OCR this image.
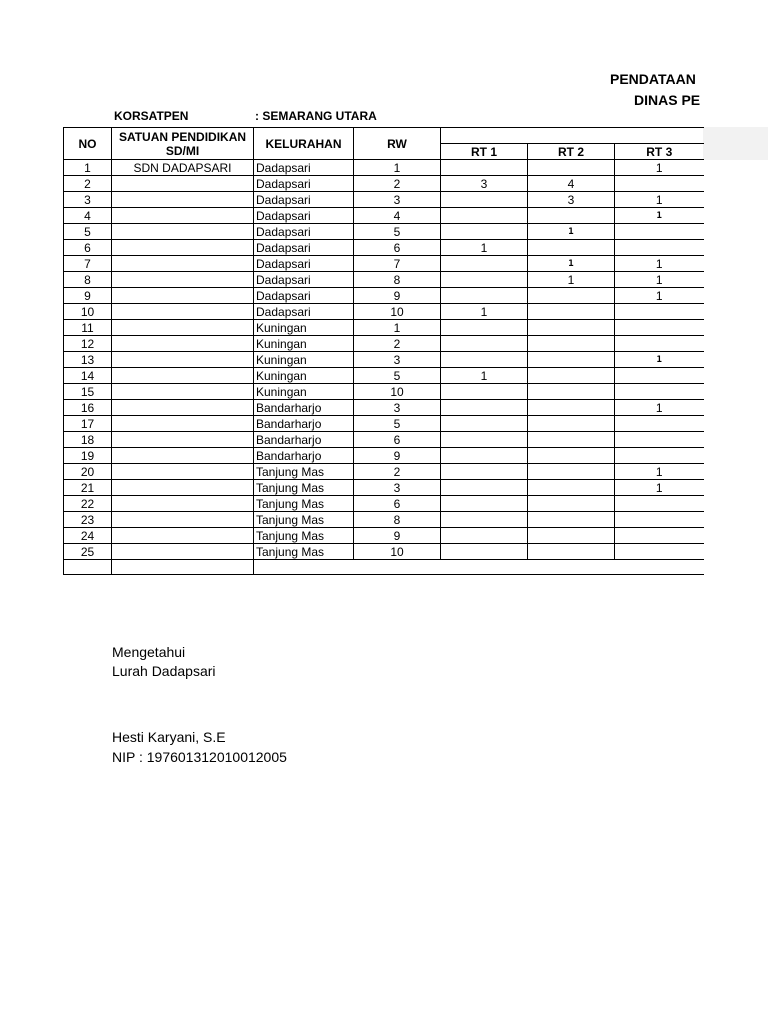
PENDATAAN
DINAS PE
KORSATPEN	: SEMARANG UTARA
NO	SATUAN PENDIDIKAN SD/MI	KELURAHAN	RW			
				RT 1	RT 2	RT 3
1	SDN DADAPSARI	Dadapsari	1			1
2		Dadapsari	2	3	4	
3		Dadapsari	3		3	1
4		Dadapsari	4			1
5		Dadapsari	5		1	
6		Dadapsari	6	1		
7		Dadapsari	7		1	1
8		Dadapsari	8		1	1
9		Dadapsari	9			1
10		Dadapsari	10	1		
11		Kuningan	1			
12		Kuningan	2			
13		Kuningan	3			1
14		Kuningan	5	1		
15		Kuningan	10			
16		Bandarharjo	3			1
17		Bandarharjo	5			
18		Bandarharjo	6			
19		Bandarharjo	9			
20		Tanjung Mas	2			1
21		Tanjung Mas	3			1
22		Tanjung Mas	6			
23		Tanjung Mas	8			
24		Tanjung Mas	9			
25		Tanjung Mas	10			

Mengetahui
Lurah Dadapsari
Hesti Karyani, S.E
NIP : 197601312010012005
